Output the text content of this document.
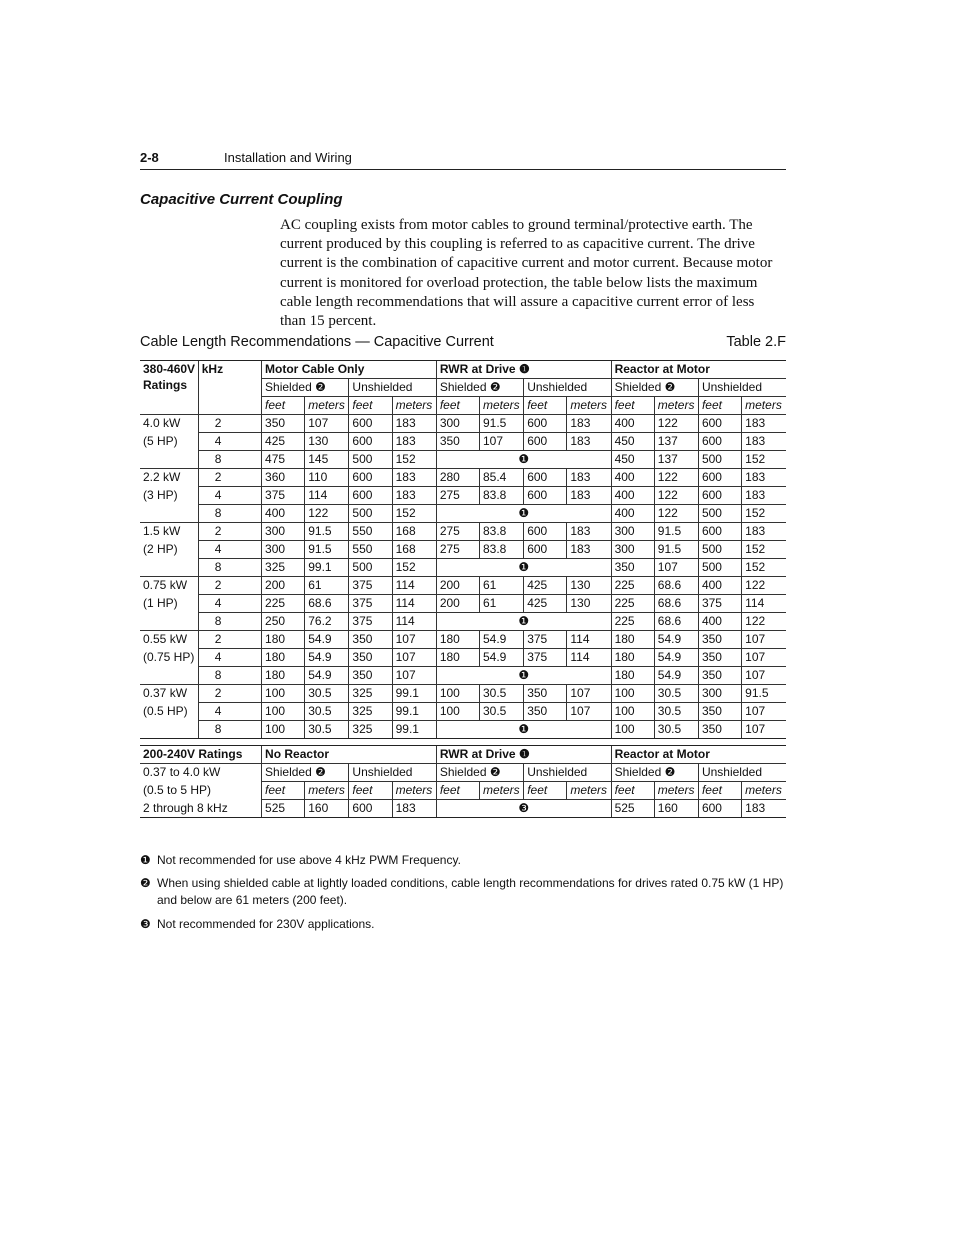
2-8	Installation and Wiring
Capacitive Current Coupling
AC coupling exists from motor cables to ground terminal/protective earth. The
current produced by this coupling is referred to as capacitive current. The drive
current is the combination of capacitive current and motor current. Because motor
current is monitored for overload protection, the table below lists the maximum
cable length recommendations that will assure a capacitive current error of less
than 15 percent.
Cable Length Recommendations — Capacitive Current	Table 2.F
380-460V Ratings	kHz	Motor Cable Only				RWR at Drive ❶				Reactor at Motor			
		Shielded ❷		Unshielded		Shielded ❷		Unshielded		Shielded ❷		Unshielded	
		feet	meters	feet	meters	feet	meters	feet	meters	feet	meters	feet	meters
4.0 kW	2	350	107	600	183	300	91.5	600	183	400	122	600	183
(5 HP)	4	425	130	600	183	350	107	600	183	450	137	600	183
	8	475	145	500	152	❶				450	137	500	152
2.2 kW	2	360	110	600	183	280	85.4	600	183	400	122	600	183
(3 HP)	4	375	114	600	183	275	83.8	600	183	400	122	600	183
	8	400	122	500	152	❶				400	122	500	152
1.5 kW	2	300	91.5	550	168	275	83.8	600	183	300	91.5	600	183
(2 HP)	4	300	91.5	550	168	275	83.8	600	183	300	91.5	500	152
	8	325	99.1	500	152	❶				350	107	500	152
0.75 kW	2	200	61	375	114	200	61	425	130	225	68.6	400	122
(1 HP)	4	225	68.6	375	114	200	61	425	130	225	68.6	375	114
	8	250	76.2	375	114	❶				225	68.6	400	122
0.55 kW	2	180	54.9	350	107	180	54.9	375	114	180	54.9	350	107
(0.75 HP)	4	180	54.9	350	107	180	54.9	375	114	180	54.9	350	107
	8	180	54.9	350	107	❶				180	54.9	350	107
0.37 kW	2	100	30.5	325	99.1	100	30.5	350	107	100	30.5	300	91.5
(0.5 HP)	4	100	30.5	325	99.1	100	30.5	350	107	100	30.5	350	107
	8	100	30.5	325	99.1	❶				100	30.5	350	107
200-240V Ratings	No Reactor				RWR at Drive ❶				Reactor at Motor			
0.37 to 4.0 kW	Shielded ❷		Unshielded		Shielded ❷		Unshielded		Shielded ❷		Unshielded	
(0.5 to 5 HP)	feet	meters	feet	meters	feet	meters	feet	meters	feet	meters	feet	meters
2 through 8 kHz	525	160	600	183	❸				525	160	600	183
❶ Not recommended for use above 4 kHz PWM Frequency.
❷ When using shielded cable at lightly loaded conditions, cable length recommendations for drives rated 0.75 kW (1 HP) and below are 61 meters (200 feet).
❸ Not recommended for 230V applications.
